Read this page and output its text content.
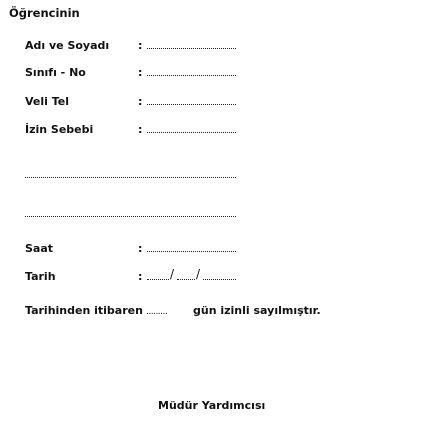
Öğrencinin
Adı ve Soyadı	:
Sınıfı - No	:
Veli Tel	:
İzin Sebebi	:
Saat	:
Tarih	: / /
Tarihinden itibaren ......... gün izinli sayılmıştır.
Müdür Yardımcısı
